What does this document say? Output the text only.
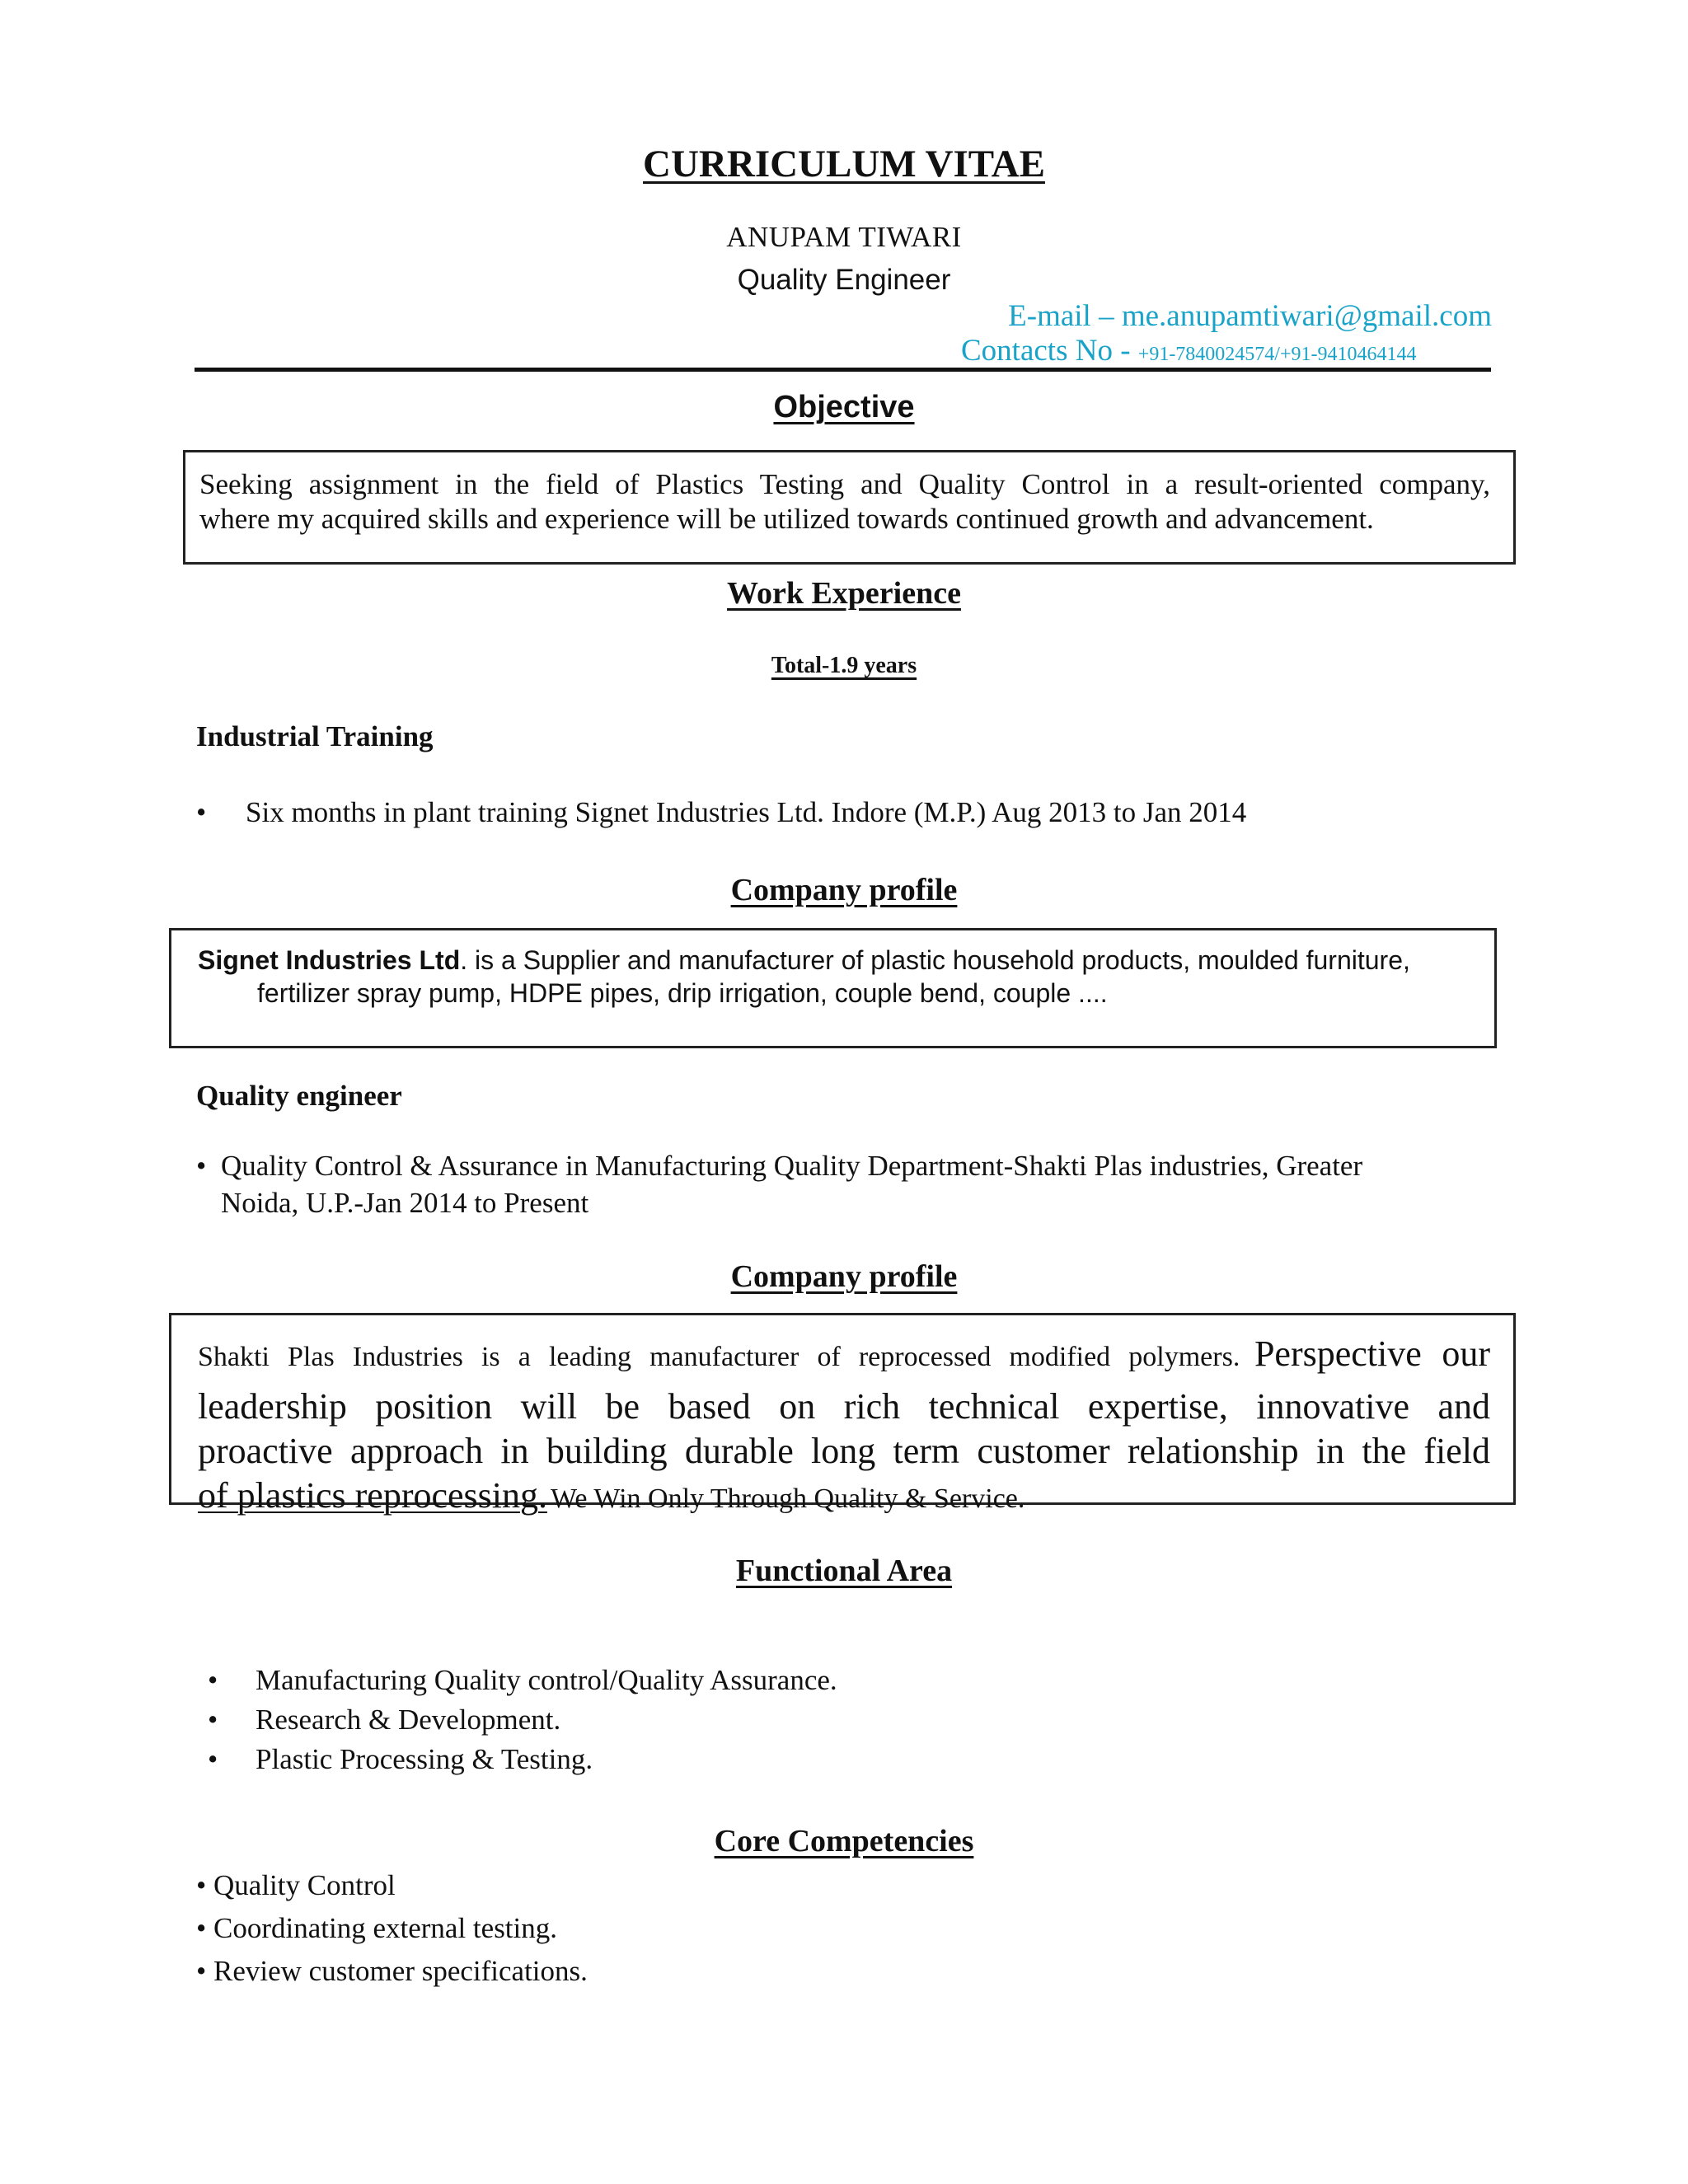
CURRICULUM VITAE
ANUPAM TIWARI
Quality Engineer
E-mail – me.anupamtiwari@gmail.com
Contacts No - +91-7840024574/+91-9410464144
Objective
Seeking assignment in the field of Plastics Testing and Quality Control in a result-oriented company,
where my acquired skills and experience will be utilized towards continued growth and advancement.
Work Experience
Total-1.9 years
Industrial Training
• Six months in plant training Signet Industries Ltd. Indore (M.P.) Aug 2013 to Jan 2014
Company profile
Signet Industries Ltd. is a Supplier and manufacturer of plastic household products, moulded furniture,
fertilizer spray pump, HDPE pipes, drip irrigation, couple bend, couple ....
Quality engineer
• Quality Control & Assurance in Manufacturing Quality Department-Shakti Plas industries, Greater
Noida, U.P.-Jan 2014 to Present
Company profile
Shakti Plas Industries is a leading manufacturer of reprocessed modified polymers. Perspective our
leadership position will be based on rich technical expertise, innovative and
proactive approach in building durable long term customer relationship in the field
of plastics reprocessing. We Win Only Through Quality & Service.
Functional Area
• Manufacturing Quality control/Quality Assurance.
• Research & Development.
• Plastic Processing & Testing.
Core Competencies
• Quality Control
• Coordinating external testing.
• Review customer specifications.
